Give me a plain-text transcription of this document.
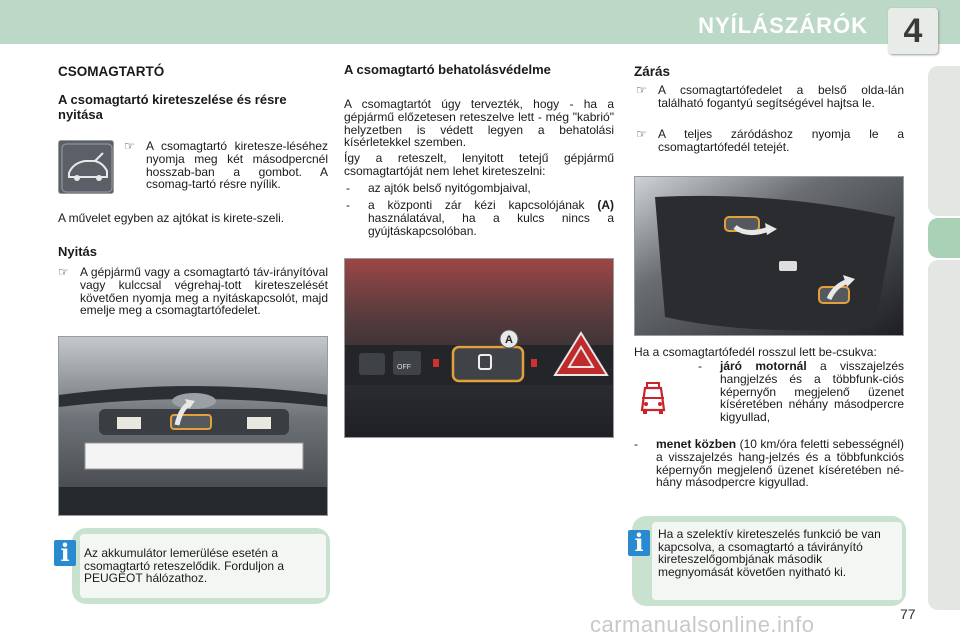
NYÍLÁSZÁRÓK	4
CSOMAGTARTÓ
A csomagtartó kireteszelése és résre nyitása
☞ A csomagtartó kiretesze-léséhez nyomja meg két másodpercnél hosszab-ban a gombot. A csomag-tartó résre nyílik.
A művelet egyben az ajtókat is kirete-szeli.
Nyitás
☞ A gépjármű vagy a csomagtartó táv-irányítóval vagy kulccsal végrehaj-tott kireteszelését követően nyomja meg a nyitáskapcsolót, majd emelje meg a csomagtartófedelet.
Az akkumulátor lemerülése esetén a csomagtartó reteszelődik. Forduljon a PEUGEOT hálózathoz.
i
A csomagtartó behatolásvédelme
A csomagtartót úgy tervezték, hogy - ha a gépjármű előzetesen reteszelve lett - még "kabrió" helyzetben is védett legyen a behatolási kísérletekkel szemben.
Így a reteszelt, lenyitott tetejű gépjármű csomagtartóját nem lehet kireteszelni:
- az ajtók belső nyitógombjaival,
- a központi zár kézi kapcsolójának (A) használatával, ha a kulcs nincs a gyújtáskapcsolóban.
OFF
A
Zárás
☞ A csomagtartófedelet a belső olda-lán található fogantyú segítségével hajtsa le.
☞ A teljes záródáshoz nyomja le a csomagtartófedél tetejét.
Ha a csomagtartófedél rosszul lett be-csukva:
- járó motornál a visszajelzés hangjelzés és a többfunk-ciós képernyőn megjelenő üzenet kíséretében néhány másodpercre kigyullad,
- menet közben (10 km/óra feletti sebességnél) a visszajelzés hang-jelzés és a többfunkciós képernyőn megjelenő üzenet kíséretében né-hány másodpercre kigyullad.
Ha a szelektív kireteszelés funkció be van kapcsolva, a csomagtartó a távirányító kireteszelőgombjának második megnyomását követően nyitható ki.
i
77
carmanualsonline.info
